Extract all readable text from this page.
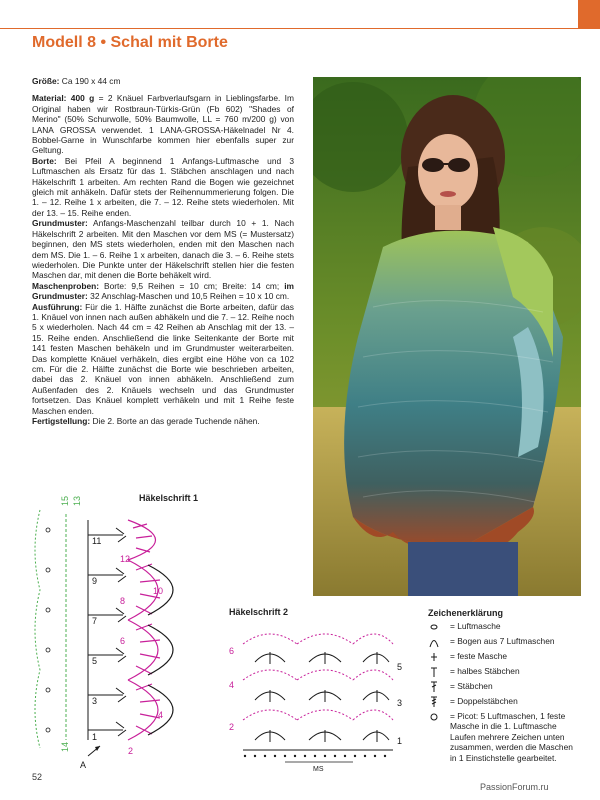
Modell 8 • Schal mit Borte

Größe: Ca 190 x 44 cm

Material: 400 g = 2 Knäuel Farbverlaufsgarn in Lieblingsfarbe. Im Original haben wir Rostbraun-Türkis-Grün (Fb 602) "Shades of Merino" (50% Schurwolle, 50% Baumwolle, LL = 760 m/200 g) von LANA GROSSA verwendet. 1 LANA-GROSSA-Häkelnadel Nr 4. Bobbel-Garne in Wunschfarbe kommen hier ebenfalls super zur Geltung.

Borte: Bei Pfeil A beginnend 1 Anfangs-Luftmasche und 3 Luftmaschen als Ersatz für das 1. Stäbchen anschlagen und nach Häkelschrift 1 arbeiten. Am rechten Rand die Bogen wie gezeichnet gleich mit anhäkeln. Dafür stets der Reihennummerierung folgen. Die 1. – 12. Reihe 1 x arbeiten, die 7. – 12. Reihe stets wiederholen. Mit der 13. – 15. Reihe enden.

Grundmuster: Anfangs-Maschenzahl teilbar durch 10 + 1. Nach Häkelschrift 2 arbeiten. Mit den Maschen vor dem MS (= Mustersatz) beginnen, den MS stets wiederholen, enden mit den Maschen nach dem MS. Die 1. – 6. Reihe 1 x arbeiten, danach die 3. – 6. Reihe stets wiederholen. Die Punkte unter der Häkelschrift stellen hier die festen Maschen dar, mit denen die Borte behäkelt wird.

Maschenproben: Borte: 9,5 Reihen = 10 cm; Breite: 14 cm; im Grundmuster: 32 Anschlag-Maschen und 10,5 Reihen = 10 x 10 cm.

Ausführung: Für die 1. Hälfte zunächst die Borte arbeiten, dafür das 1. Knäuel von innen nach außen abhäkeln und die 7. – 12. Reihe noch 5 x wiederholen. Nach 44 cm = 42 Reihen ab Anschlag mit der 13. – 15. Reihe enden. Anschließend die linke Seitenkante der Borte mit 141 festen Maschen behäkeln und im Grundmuster weiterarbeiten. Das komplette Knäuel verhäkeln, dies ergibt eine Höhe von ca 102 cm. Für die 2. Hälfte zunächst die Borte wie beschrieben arbeiten, dabei das 2. Knäuel von innen abhäkeln. Anschließend zum Außenfaden des 2. Knäuels wechseln und das Grundmuster fortsetzen. Das Knäuel komplett verhäkeln und mit 1 Reihe feste Maschen enden.

Fertigstellung: Die 2. Borte an das gerade Tuchende nähen.

Häkelschrift 1
15 13
14
11
9
7
5
3
1
12
10
8
6
4
2
A
Häkelschrift 2
6
4
2
5
3
1
MS
Zeichenerklärung
= Luftmasche
= Bogen aus 7 Luftmaschen
= feste Masche
= halbes Stäbchen
= Stäbchen
= Doppelstäbchen
= Picot: 5 Luftmaschen, 1 feste Masche in die 1. Luftmasche Laufen mehrere Zeichen unten zusammen, werden die Maschen in 1 Einstichstelle gearbeitet.
52
PassionForum.ru
